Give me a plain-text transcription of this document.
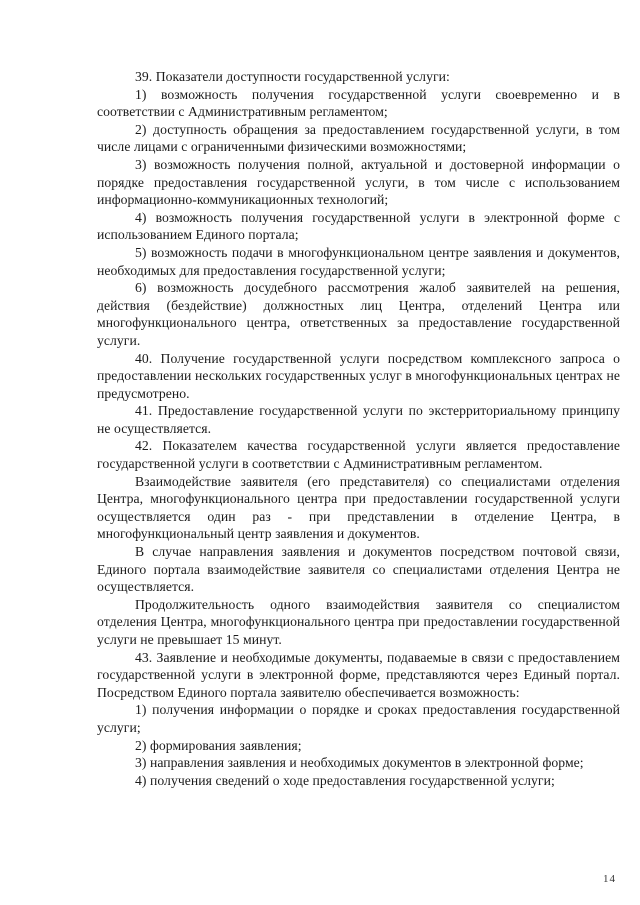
39. Показатели доступности государственной услуги:

1) возможность получения государственной услуги своевременно и в соответствии с Административным регламентом;

2) доступность обращения за предоставлением государственной услуги, в том числе лицами с ограниченными физическими возможностями;

3) возможность получения полной, актуальной и достоверной информации о порядке предоставления государственной услуги, в том числе с использованием информационно-коммуникационных технологий;

4) возможность получения государственной услуги в электронной форме с использованием Единого портала;

5) возможность подачи в многофункциональном центре заявления и документов, необходимых для предоставления государственной услуги;

6) возможность досудебного рассмотрения жалоб заявителей на решения, действия (бездействие) должностных лиц Центра, отделений Центра или многофункционального центра, ответственных за предоставление государственной услуги.

40. Получение государственной услуги посредством комплексного запроса о предоставлении нескольких государственных услуг в многофункциональных центрах не предусмотрено.

41. Предоставление государственной услуги по экстерриториальному принципу не осуществляется.

42. Показателем качества государственной услуги является предоставление государственной услуги в соответствии с Административным регламентом.

Взаимодействие заявителя (его представителя) со специалистами отделения Центра, многофункционального центра при предоставлении государственной услуги осуществляется один раз - при представлении в отделение Центра, в многофункциональный центр заявления и документов.

В случае направления заявления и документов посредством почтовой связи, Единого портала взаимодействие заявителя со специалистами отделения Центра не осуществляется.

Продолжительность одного взаимодействия заявителя со специалистом отделения Центра, многофункционального центра при предоставлении государственной услуги не превышает 15 минут.

43. Заявление и необходимые документы, подаваемые в связи с предоставлением государственной услуги в электронной форме, представляются через Единый портал. Посредством Единого портала заявителю обеспечивается возможность:

1) получения информации о порядке и сроках предоставления государственной услуги;

2) формирования заявления;

3) направления заявления и необходимых документов в электронной форме;

4) получения сведений о ходе предоставления государственной услуги;

14
